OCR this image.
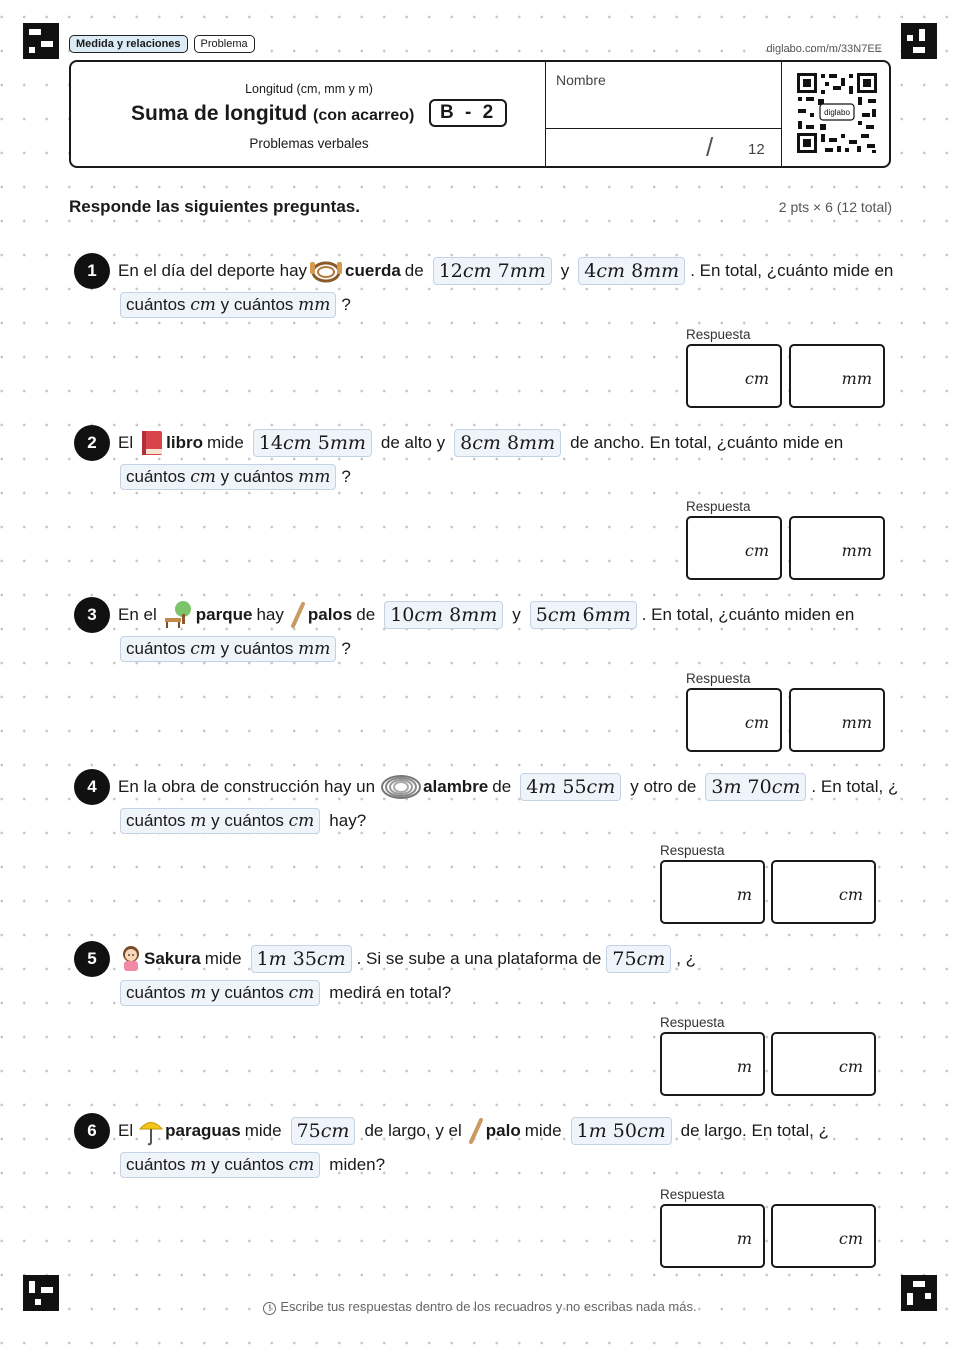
Medida y relaciones	Problema	diglabo.com/m/33N7EE
Longitud (cm, mm y m)
Suma de longitud (con acarreo)	B - 2
Problemas verbales
Nombre
/ 12
diglabo
Responde las siguientes preguntas.	2 pts × 6 (12 total)
1	En el día del deporte hay cuerda de 12cm 7mm y 4cm 8mm . En total, ¿cuánto mide en
cuántos cm y cuántos mm ?
Respuesta
cm	mm
2	El libro mide 14cm 5mm de alto y 8cm 8mm de ancho. En total, ¿cuánto mide en
cuántos cm y cuántos mm ?
Respuesta
cm	mm
3	En el parque hay palos de 10cm 8mm y 5cm 6mm . En total, ¿cuánto miden en
cuántos cm y cuántos mm ?
Respuesta
cm	mm
4	En la obra de construcción hay un	alambre de 4m 55cm y otro de 3m 70cm . En total, ¿
cuántos m y cuántos cm hay?
Respuesta
m	cm
5	Sakura mide 1m 35cm . Si se sube a una plataforma de 75cm , ¿
cuántos m y cuántos cm medirá en total?
Respuesta
m	cm
6	El paraguas mide 75cm de largo, y el palo mide 1m 50cm de largo. En total, ¿
cuántos m y cuántos cm miden?
Respuesta
m	cm
! Escribe tus respuestas dentro de los recuadros y no escribas nada más.
